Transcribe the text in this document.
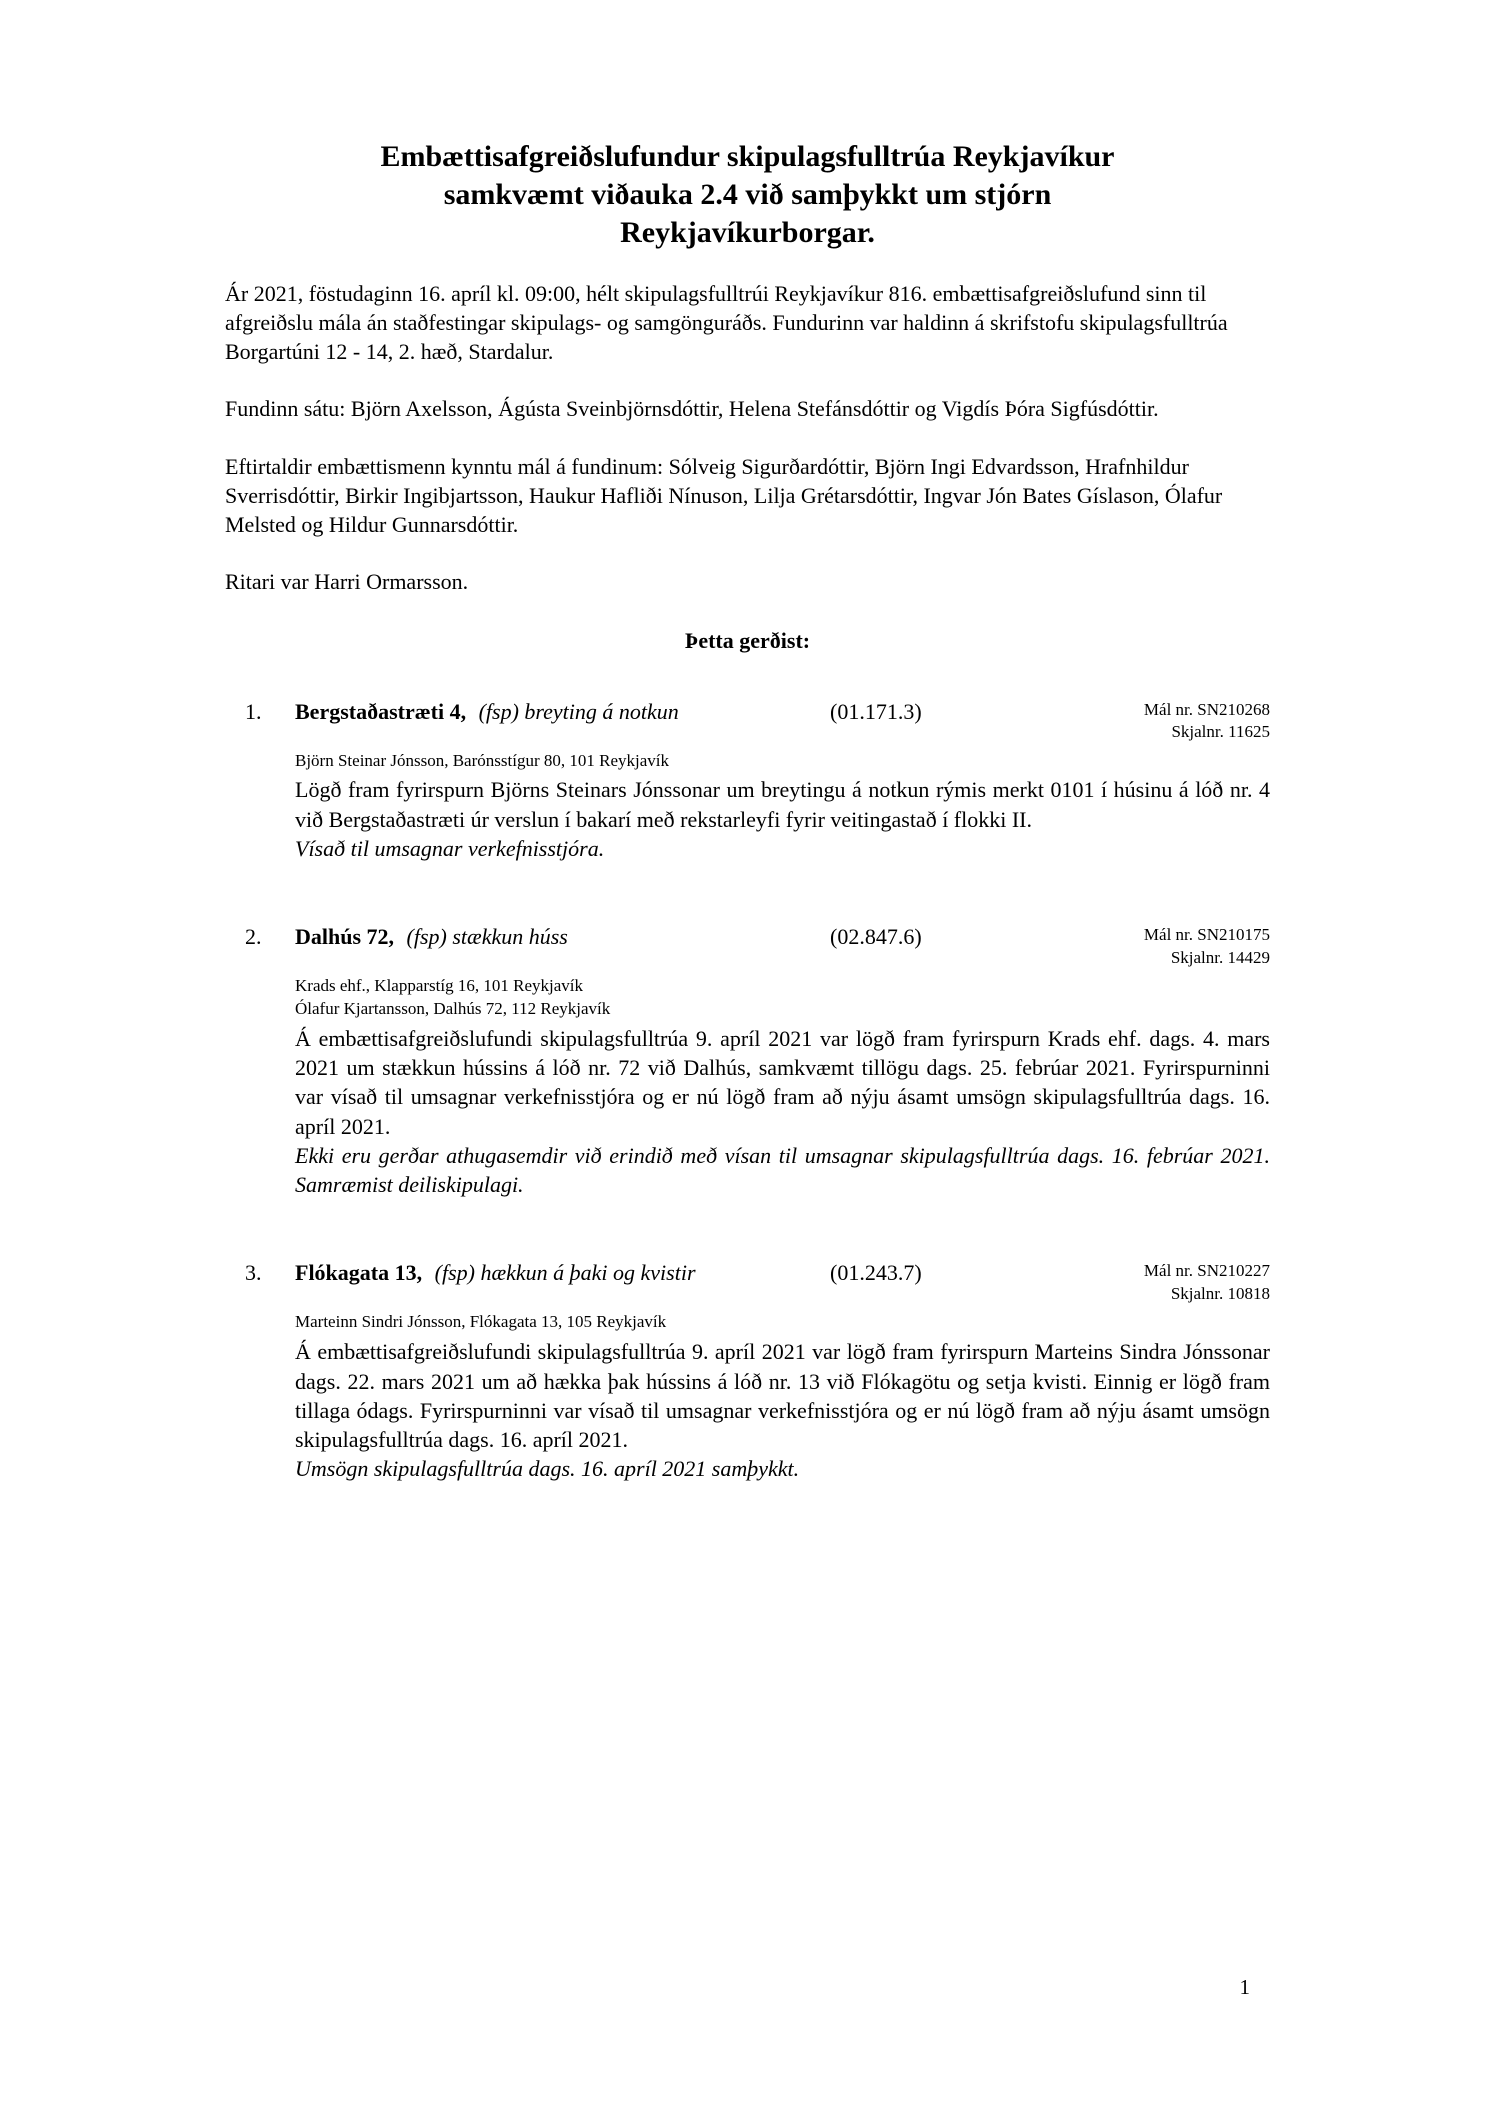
Embættisafgreiðslufundur skipulagsfulltrúa Reykjavíkur
samkvæmt viðauka 2.4 við samþykkt um stjórn
Reykjavíkurborgar.

Ár 2021, föstudaginn 16. apríl kl. 09:00, hélt skipulagsfulltrúi Reykjavíkur 816. embættisafgreiðslufund sinn til afgreiðslu mála án staðfestingar skipulags- og samgönguráðs. Fundurinn var haldinn á skrifstofu skipulagsfulltrúa Borgartúni 12 - 14, 2. hæð, Stardalur.

Fundinn sátu: Björn Axelsson, Ágústa Sveinbjörnsdóttir, Helena Stefánsdóttir og Vigdís Þóra Sigfúsdóttir.

Eftirtaldir embættismenn kynntu mál á fundinum: Sólveig Sigurðardóttir, Björn Ingi Edvardsson, Hrafnhildur Sverrisdóttir, Birkir Ingibjartsson, Haukur Hafliði Nínuson, Lilja Grétarsdóttir, Ingvar Jón Bates Gíslason, Ólafur Melsted og Hildur Gunnarsdóttir.

Ritari var Harri Ormarsson.

Þetta gerðist:
1.	Bergstaðastræti 4, (fsp) breyting á notkun	(01.171.3)	Mál nr. SN210268
Skjalnr. 11625
Björn Steinar Jónsson, Barónsstígur 80, 101 Reykjavík
Lögð fram fyrirspurn Björns Steinars Jónssonar um breytingu á notkun rýmis merkt 0101 í húsinu á lóð nr. 4 við Bergstaðastræti úr verslun í bakarí með rekstarleyfi fyrir veitingastað í flokki II.
Vísað til umsagnar verkefnisstjóra.
2.	Dalhús 72, (fsp) stækkun húss	(02.847.6)	Mál nr. SN210175
Skjalnr. 14429
Krads ehf., Klapparstíg 16, 101 Reykjavík
Ólafur Kjartansson, Dalhús 72, 112 Reykjavík
Á embættisafgreiðslufundi skipulagsfulltrúa 9. apríl 2021 var lögð fram fyrirspurn Krads ehf. dags. 4. mars 2021 um stækkun hússins á lóð nr. 72 við Dalhús, samkvæmt tillögu dags. 25. febrúar 2021. Fyrirspurninni var vísað til umsagnar verkefnisstjóra og er nú lögð fram að nýju ásamt umsögn skipulagsfulltrúa dags. 16. apríl 2021.
Ekki eru gerðar athugasemdir við erindið með vísan til umsagnar skipulagsfulltrúa dags. 16. febrúar 2021. Samræmist deiliskipulagi.
3.	Flókagata 13, (fsp) hækkun á þaki og kvistir	(01.243.7)	Mál nr. SN210227
Skjalnr. 10818
Marteinn Sindri Jónsson, Flókagata 13, 105 Reykjavík
Á embættisafgreiðslufundi skipulagsfulltrúa 9. apríl 2021 var lögð fram fyrirspurn Marteins Sindra Jónssonar dags. 22. mars 2021 um að hækka þak hússins á lóð nr. 13 við Flókagötu og setja kvisti. Einnig er lögð fram tillaga ódags. Fyrirspurninni var vísað til umsagnar verkefnisstjóra og er nú lögð fram að nýju ásamt umsögn skipulagsfulltrúa dags. 16. apríl 2021.
Umsögn skipulagsfulltrúa dags. 16. apríl 2021 samþykkt.
1
